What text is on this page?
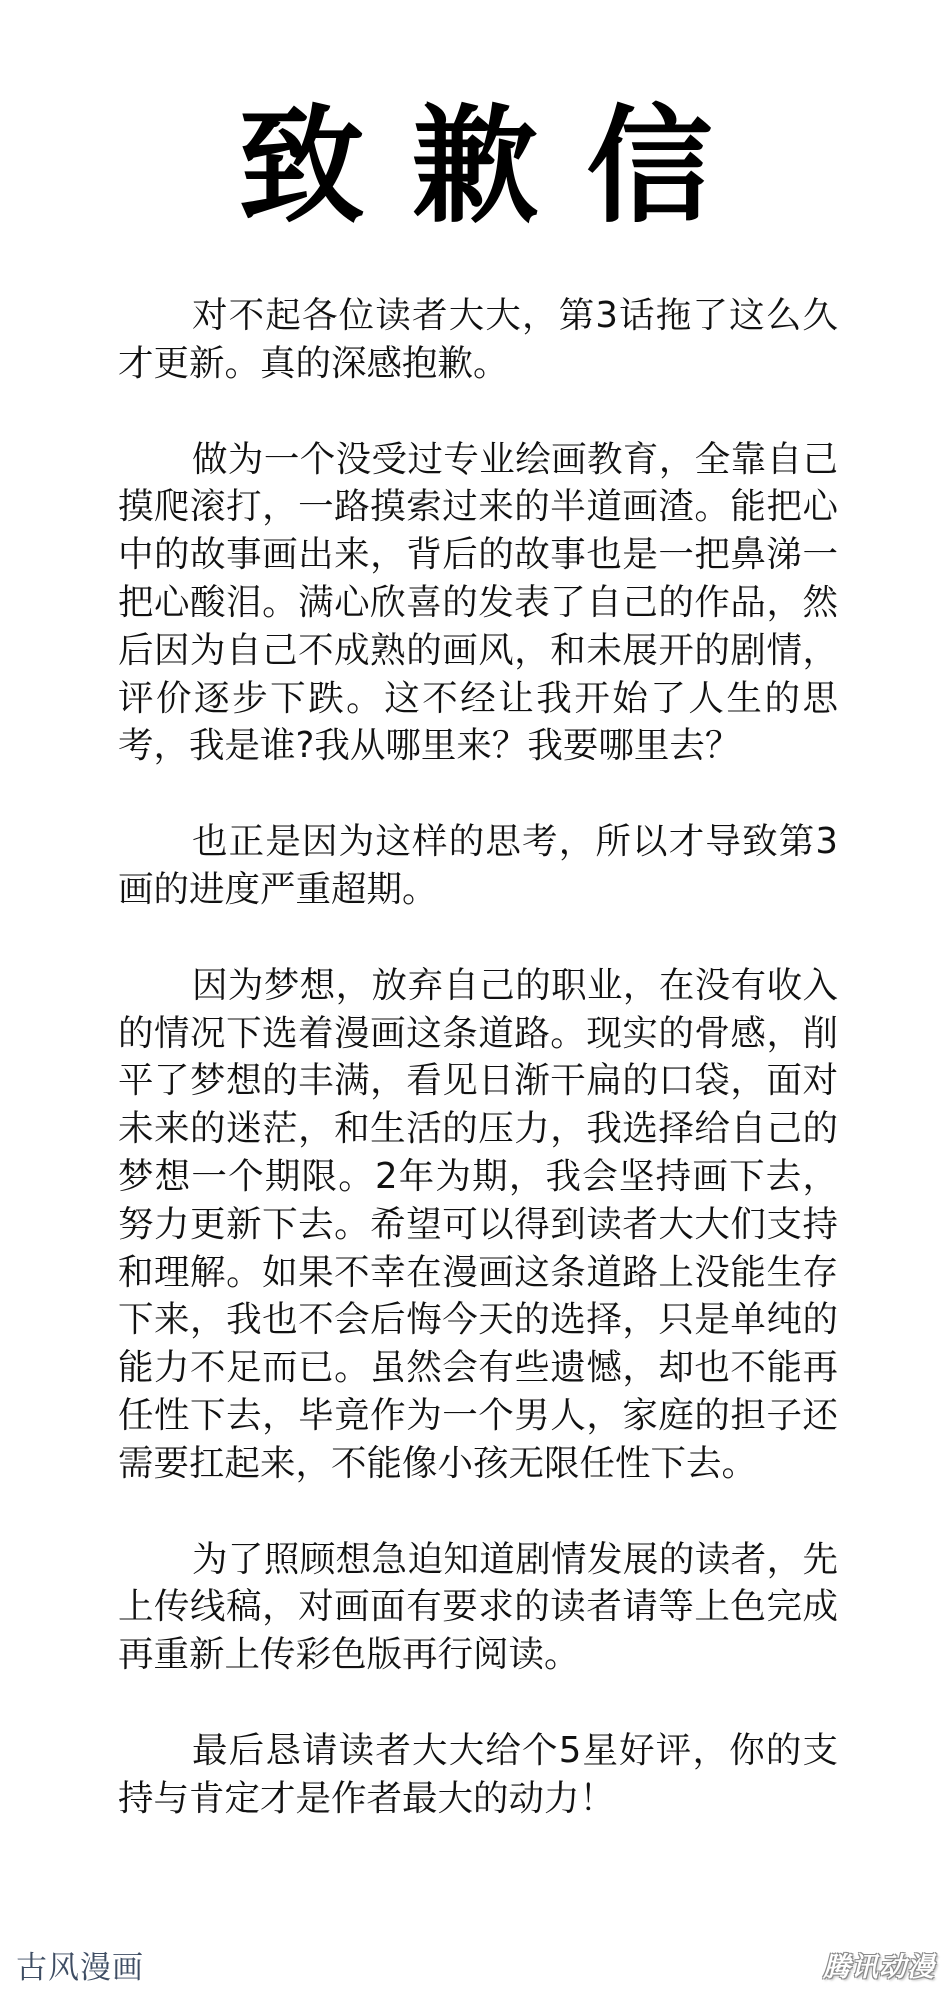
致歉信

对不起各位读者大大，第3话拖了这么久才更新。真的深感抱歉。

做为一个没受过专业绘画教育，全靠自己摸爬滚打，一路摸索过来的半道画渣。能把心中的故事画出来，背后的故事也是一把鼻涕一把心酸泪。满心欣喜的发表了自己的作品，然后因为自己不成熟的画风，和未展开的剧情，评价逐步下跌。这不经让我开始了人生的思考，我是谁?我从哪里来？我要哪里去？

也正是因为这样的思考，所以才导致第3画的进度严重超期。

因为梦想，放弃自己的职业，在没有收入的情况下选着漫画这条道路。现实的骨感，削平了梦想的丰满，看见日渐干扁的口袋，面对未来的迷茫，和生活的压力，我选择给自己的梦想一个期限。2年为期，我会坚持画下去，努力更新下去。希望可以得到读者大大们支持和理解。如果不幸在漫画这条道路上没能生存下来，我也不会后悔今天的选择，只是单纯的能力不足而已。虽然会有些遗憾，却也不能再任性下去，毕竟作为一个男人，家庭的担子还需要扛起来，不能像小孩无限任性下去。

为了照顾想急迫知道剧情发展的读者，先上传线稿，对画面有要求的读者请等上色完成再重新上传彩色版再行阅读。

最后恳请读者大大给个5星好评，你的支持与肯定才是作者最大的动力！

古风漫画	腾讯动漫
